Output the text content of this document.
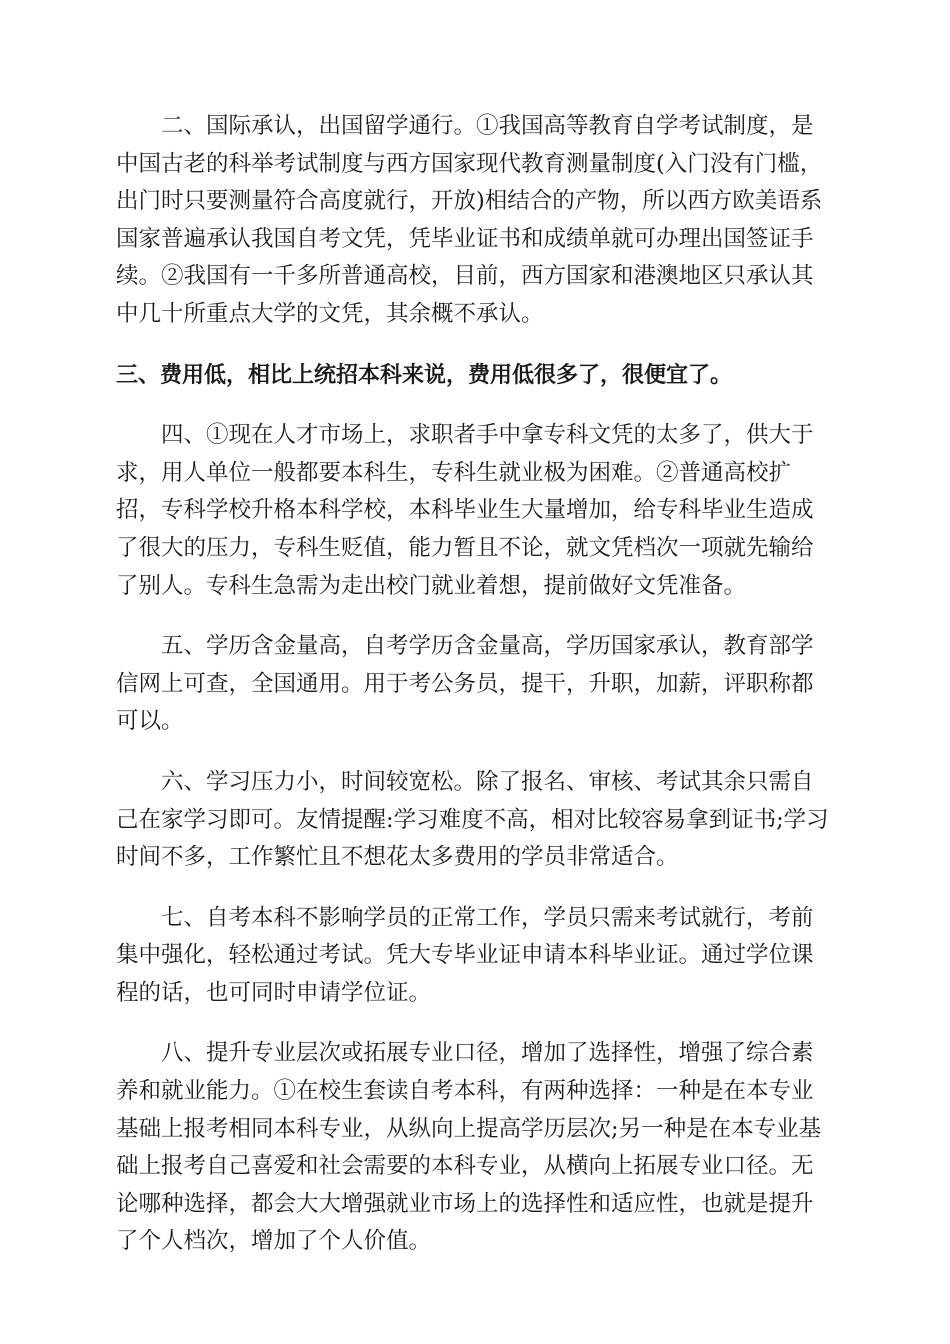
二、国际承认，出国留学通行。①我国高等教育自学考试制度，是中国古老的科举考试制度与西方国家现代教育测量制度(入门没有门槛，出门时只要测量符合高度就行，开放)相结合的产物，所以西方欧美语系国家普遍承认我国自考文凭，凭毕业证书和成绩单就可办理出国签证手续。②我国有一千多所普通高校，目前，西方国家和港澳地区只承认其中几十所重点大学的文凭，其余概不承认。

三、费用低，相比上统招本科来说，费用低很多了，很便宜了。

四、①现在人才市场上，求职者手中拿专科文凭的太多了，供大于求，用人单位一般都要本科生，专科生就业极为困难。②普通高校扩招，专科学校升格本科学校，本科毕业生大量增加，给专科毕业生造成了很大的压力，专科生贬值，能力暂且不论，就文凭档次一项就先输给了别人。专科生急需为走出校门就业着想，提前做好文凭准备。

五、学历含金量高，自考学历含金量高，学历国家承认，教育部学信网上可查，全国通用。用于考公务员，提干，升职，加薪，评职称都可以。

六、学习压力小，时间较宽松。除了报名、审核、考试其余只需自己在家学习即可。友情提醒:学习难度不高，相对比较容易拿到证书;学习时间不多，工作繁忙且不想花太多费用的学员非常适合。

七、自考本科不影响学员的正常工作，学员只需来考试就行，考前集中强化，轻松通过考试。凭大专毕业证申请本科毕业证。通过学位课程的话，也可同时申请学位证。

八、提升专业层次或拓展专业口径，增加了选择性，增强了综合素养和就业能力。①在校生套读自考本科，有两种选择：一种是在本专业基础上报考相同本科专业，从纵向上提高学历层次;另一种是在本专业基础上报考自己喜爱和社会需要的本科专业，从横向上拓展专业口径。无论哪种选择，都会大大增强就业市场上的选择性和适应性，也就是提升了个人档次，增加了个人价值。
